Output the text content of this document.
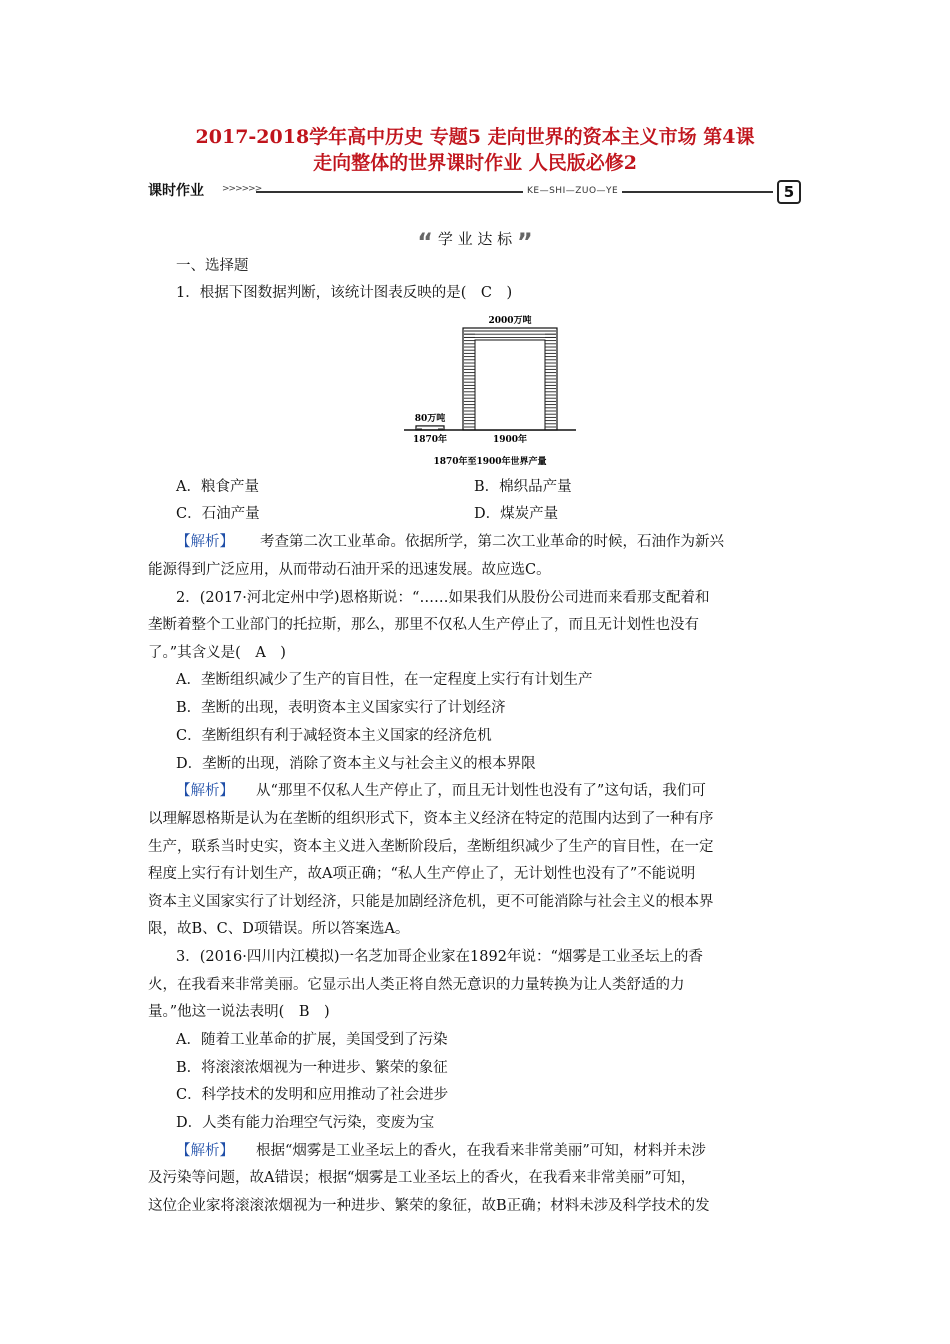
2017-2018学年高中历史 专题5 走向世界的资本主义市场 第4课
走向整体的世界课时作业 人民版必修2
课时作业 >>>>>>	KE—SHI—ZUO—YE	5
“ 学 业 达 标 ”
一、选择题
1．根据下图数据判断，该统计图表反映的是(　C　)
80万吨
1870年
2000万吨
1900年
1870年至1900年世界产量
A．粮食产量	B．棉织品产量
C．石油产量	D．煤炭产量
【解析】 考查第二次工业革命。依据所学，第二次工业革命的时候，石油作为新兴
能源得到广泛应用，从而带动石油开采的迅速发展。故应选C。
2．(2017·河北定州中学)恩格斯说：“……如果我们从股份公司进而来看那支配着和
垄断着整个工业部门的托拉斯，那么，那里不仅私人生产停止了，而且无计划性也没有
了。”其含义是(　A　)
A．垄断组织减少了生产的盲目性，在一定程度上实行有计划生产
B．垄断的出现，表明资本主义国家实行了计划经济
C．垄断组织有利于减轻资本主义国家的经济危机
D．垄断的出现，消除了资本主义与社会主义的根本界限
【解析】 从“那里不仅私人生产停止了，而且无计划性也没有了”这句话，我们可
以理解恩格斯是认为在垄断的组织形式下，资本主义经济在特定的范围内达到了一种有序
生产，联系当时史实，资本主义进入垄断阶段后，垄断组织减少了生产的盲目性，在一定
程度上实行有计划生产，故A项正确；“私人生产停止了，无计划性也没有了”不能说明
资本主义国家实行了计划经济，只能是加剧经济危机，更不可能消除与社会主义的根本界
限，故B、C、D项错误。所以答案选A。
3．(2016·四川内江模拟)一名芝加哥企业家在1892年说：“烟雾是工业圣坛上的香
火，在我看来非常美丽。它显示出人类正将自然无意识的力量转换为让人类舒适的力
量。”他这一说法表明(　B　)
A．随着工业革命的扩展，美国受到了污染
B．将滚滚浓烟视为一种进步、繁荣的象征
C．科学技术的发明和应用推动了社会进步
D．人类有能力治理空气污染，变废为宝
【解析】 根据“烟雾是工业圣坛上的香火，在我看来非常美丽”可知，材料并未涉
及污染等问题，故A错误；根据“烟雾是工业圣坛上的香火，在我看来非常美丽”可知，
这位企业家将滚滚浓烟视为一种进步、繁荣的象征，故B正确；材料未涉及科学技术的发
